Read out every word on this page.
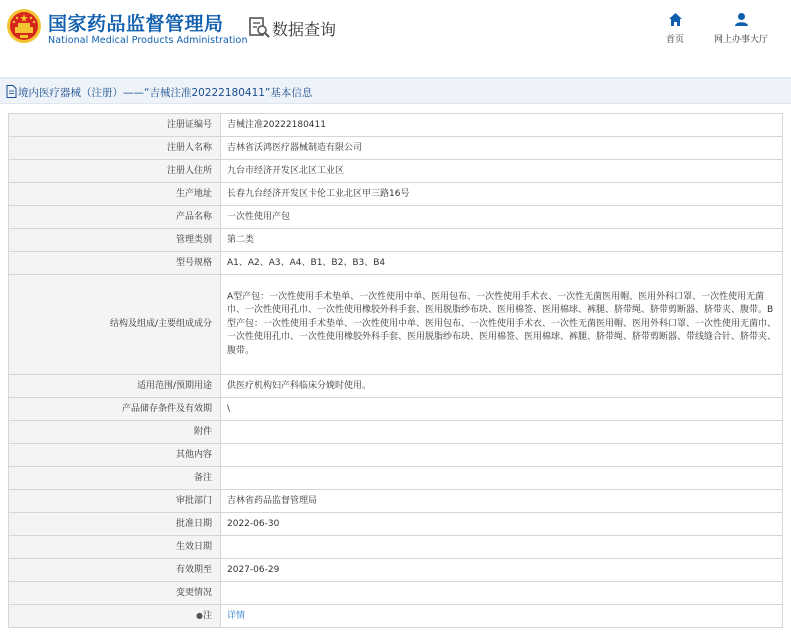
国家药品监督管理局
National Medical Products Administration
数据查询
首页	网上办事大厅
境内医疗器械（注册）——“吉械注准20222180411”基本信息
注册证编号	吉械注准20222180411
注册人名称	吉林省沃鸿医疗器械制造有限公司
注册人住所	九台市经济开发区北区工业区
生产地址	长春九台经济开发区卡伦工业北区甲三路16号
产品名称	一次性使用产包
管理类别	第二类
型号规格	A1、A2、A3、A4、B1、B2、B3、B4
结构及组成/主要组成成分	A型产包：一次性使用手术垫单、一次性使用中单、医用包布、一次性使用手术衣、一次性无菌医用帽、医用外科口罩、一次性使用无菌巾、一次性使用孔巾、一次性使用橡胶外科手套、医用脱脂纱布块、医用棉签、医用棉球、裤腿、脐带绳、脐带剪断器、脐带夹、腹带。B型产包：一次性使用手术垫单、一次性使用中单、医用包布、一次性使用手术衣、一次性无菌医用帽、医用外科口罩、一次性使用无菌巾、一次性使用孔巾、一次性使用橡胶外科手套、医用脱脂纱布块、医用棉签、医用棉球、裤腿、脐带绳、脐带剪断器、带线缝合针、脐带夹、腹带。
适用范围/预期用途	供医疗机构妇产科临床分娩时使用。
产品储存条件及有效期	\
附件	
其他内容	
备注	
审批部门	吉林省药品监督管理局
批准日期	2022-06-30
生效日期	
有效期至	2027-06-29
变更情况	
●注	详情
